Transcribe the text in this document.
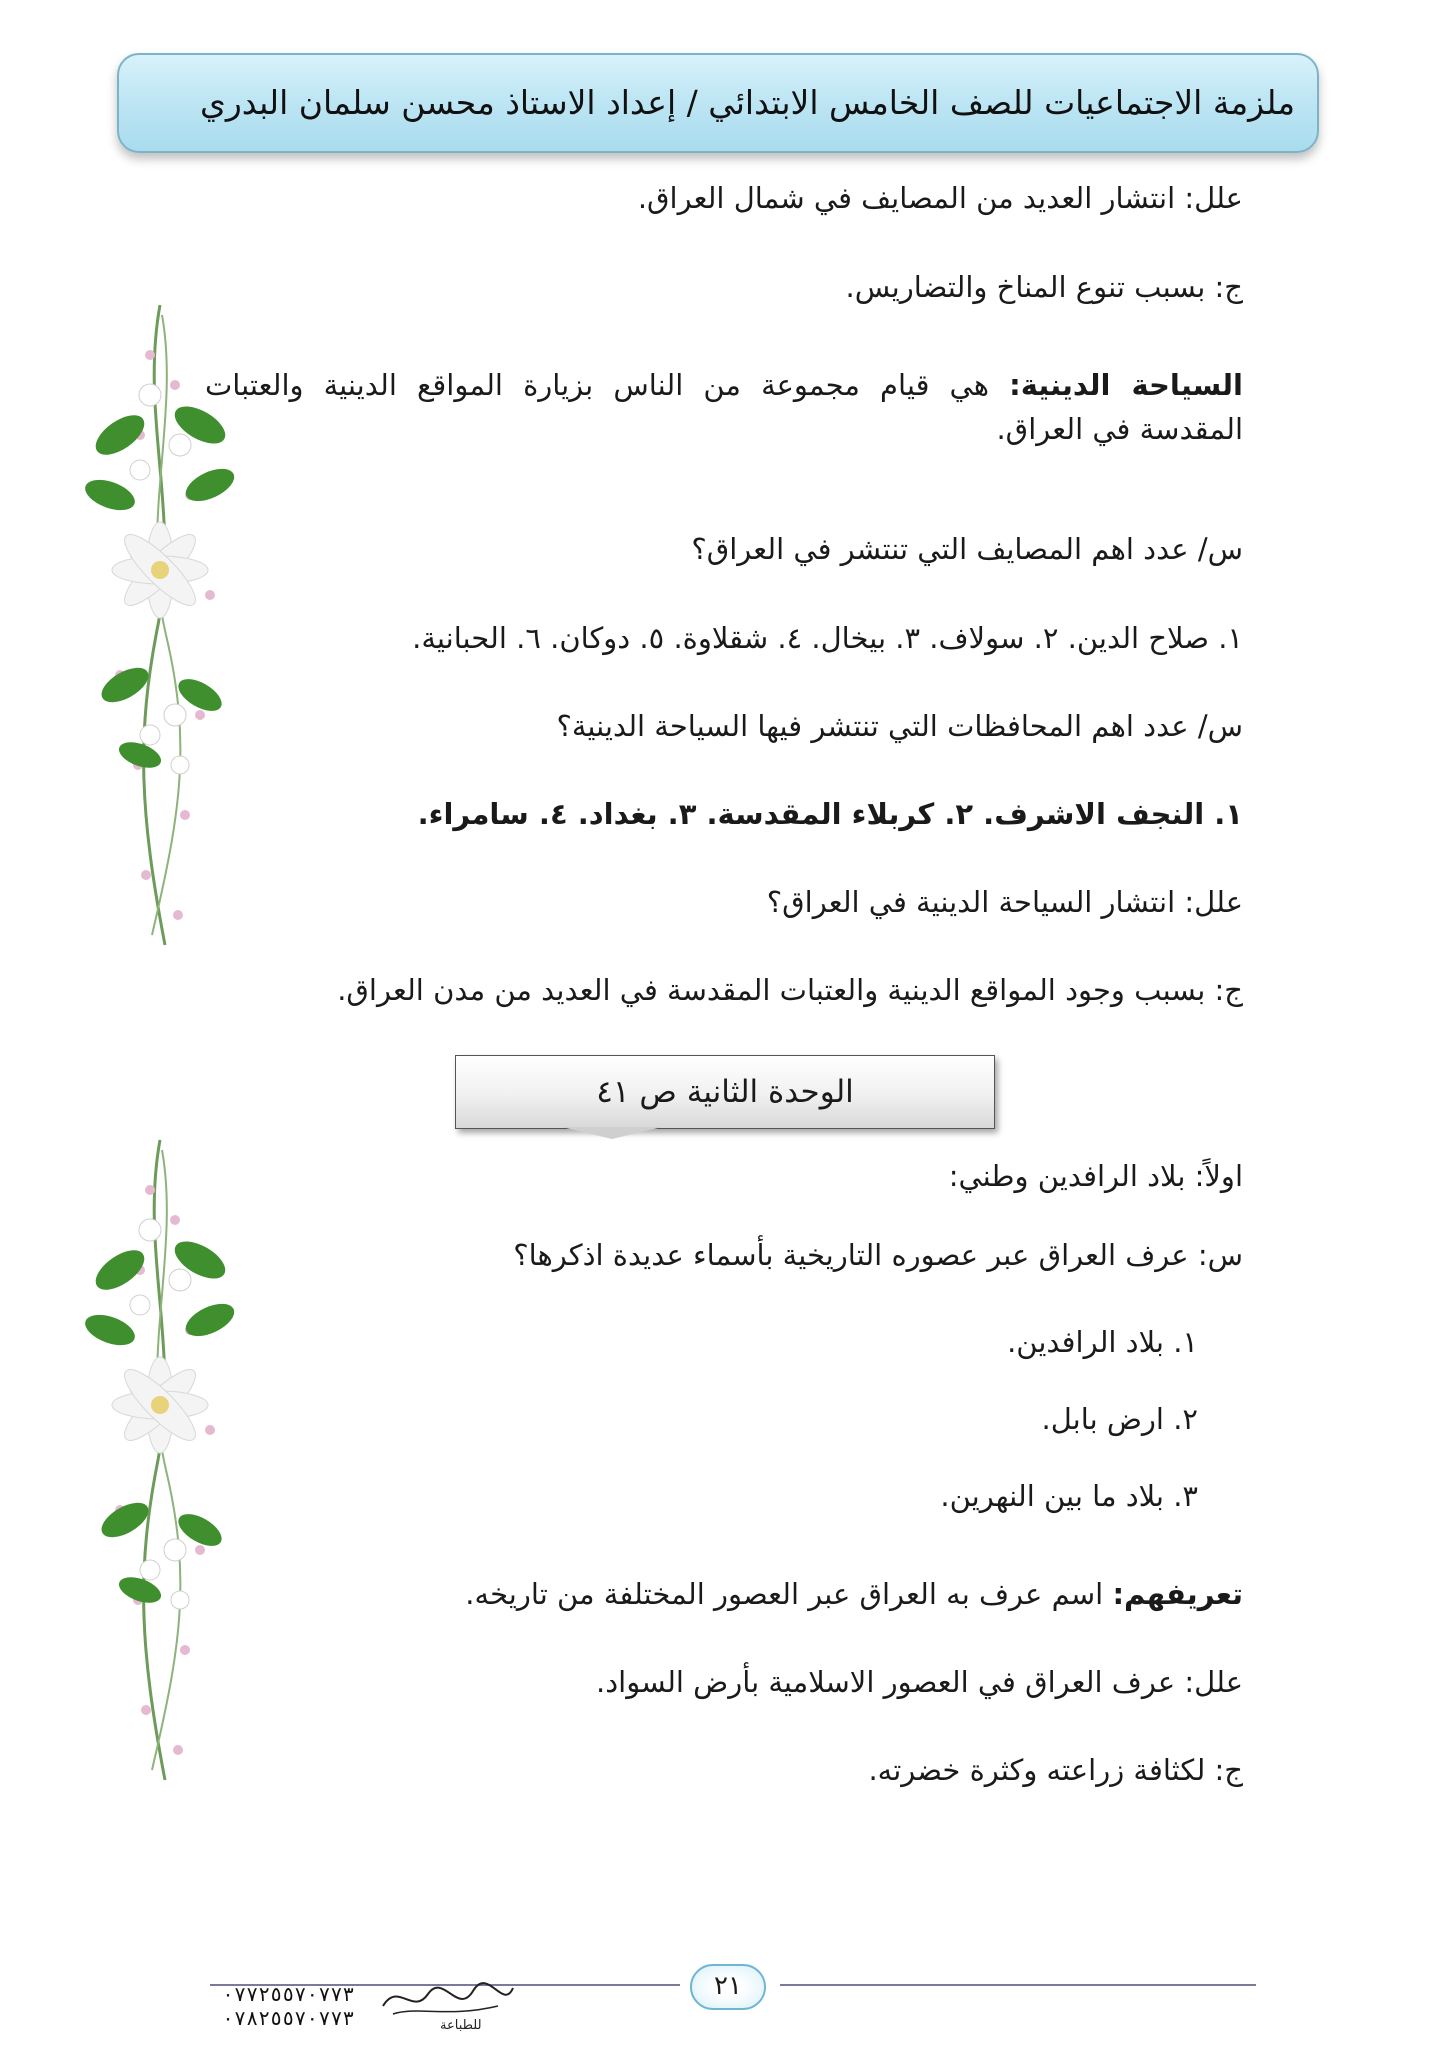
ملزمة الاجتماعيات للصف الخامس الابتدائي / إعداد الاستاذ محسن سلمان البدري
علل: انتشار العديد من المصايف في شمال العراق.
ج: بسبب تنوع المناخ والتضاريس.
السياحة الدينية: هي قيام مجموعة من الناس بزيارة المواقع الدينية والعتبات المقدسة في العراق.
س/ عدد اهم المصايف التي تنتشر في العراق؟
١. صلاح الدين. ٢. سولاف. ٣. بيخال. ٤. شقلاوة. ٥. دوكان. ٦. الحبانية.
س/ عدد اهم المحافظات التي تنتشر فيها السياحة الدينية؟
١. النجف الاشرف. ٢. كربلاء المقدسة. ٣. بغداد. ٤. سامراء.
علل: انتشار السياحة الدينية في العراق؟
ج: بسبب وجود المواقع الدينية والعتبات المقدسة في العديد من مدن العراق.
الوحدة الثانية ص ٤١
اولاً: بلاد الرافدين وطني:
س: عرف العراق عبر عصوره التاريخية بأسماء عديدة اذكرها؟
١. بلاد الرافدين.
٢. ارض بابل.
٣. بلاد ما بين النهرين.
تعريفهم: اسم عرف به العراق عبر العصور المختلفة من تاريخه.
علل: عرف العراق في العصور الاسلامية بأرض السواد.
ج: لكثافة زراعته وكثرة خضرته.
٢١
٠٧٧٢٥٥٧٠٧٧٣
٠٧٨٢٥٥٧٠٧٧٣	للطباعة
